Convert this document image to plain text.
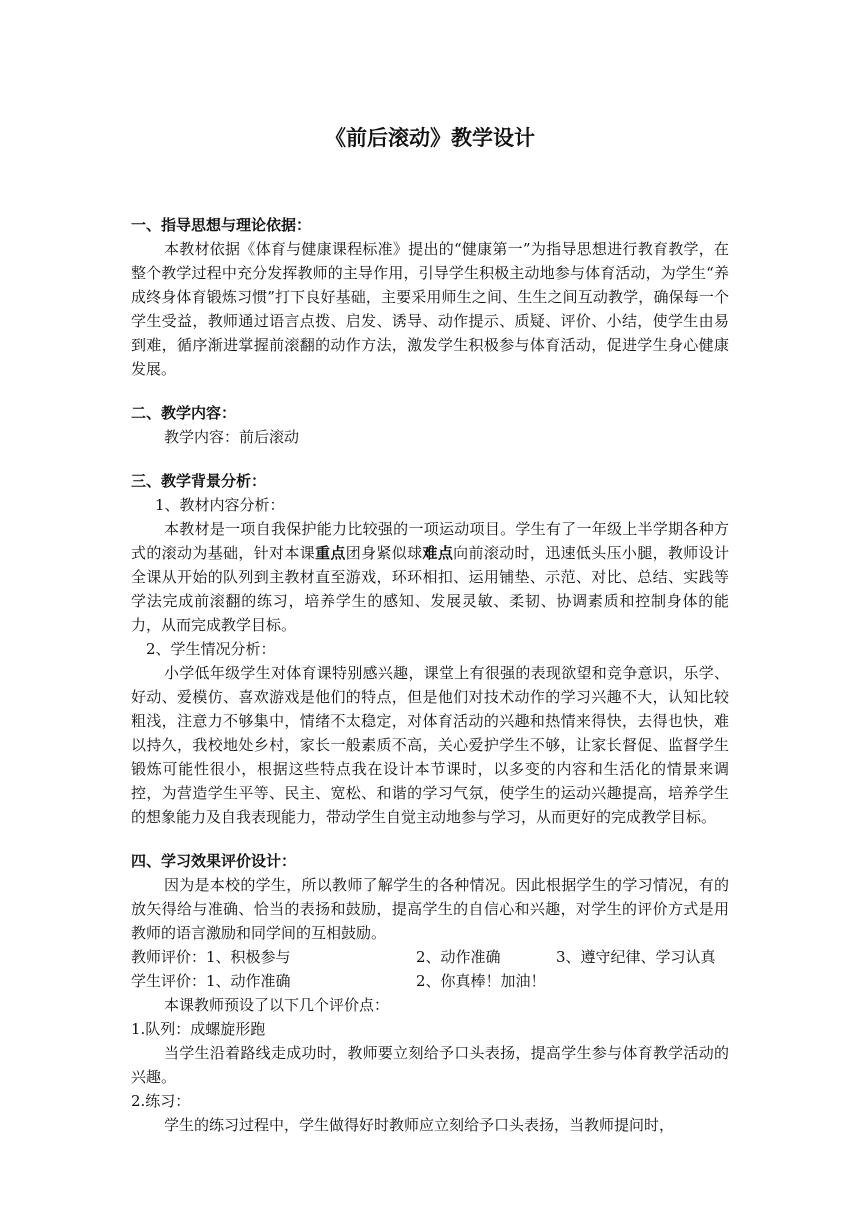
《前后滚动》教学设计

一、指导思想与理论依据：

本教材依据《体育与健康课程标准》提出的“健康第一”为指导思想进行教育教学，在整个教学过程中充分发挥教师的主导作用，引导学生积极主动地参与体育活动，为学生“养成终身体育锻炼习惯”打下良好基础，主要采用师生之间、生生之间互动教学，确保每一个学生受益，教师通过语言点拨、启发、诱导、动作提示、质疑、评价、小结，使学生由易到难，循序渐进掌握前滚翻的动作方法，激发学生积极参与体育活动，促进学生身心健康发展。

二、教学内容：

教学内容：前后滚动

三、教学背景分析：

1、教材内容分析：

本教材是一项自我保护能力比较强的一项运动项目。学生有了一年级上半学期各种方式的滚动为基础，针对本课重点团身紧似球难点向前滚动时，迅速低头压小腿，教师设计全课从开始的队列到主教材直至游戏，环环相扣、运用铺垫、示范、对比、总结、实践等学法完成前滚翻的练习，培养学生的感知、发展灵敏、柔韧、协调素质和控制身体的能力，从而完成教学目标。

2、学生情况分析：

小学低年级学生对体育课特别感兴趣，课堂上有很强的表现欲望和竞争意识，乐学、好动、爱模仿、喜欢游戏是他们的特点，但是他们对技术动作的学习兴趣不大，认知比较粗浅，注意力不够集中，情绪不太稳定，对体育活动的兴趣和热情来得快，去得也快，难以持久，我校地处乡村，家长一般素质不高，关心爱护学生不够，让家长督促、监督学生锻炼可能性很小，根据这些特点我在设计本节课时，以多变的内容和生活化的情景来调控，为营造学生平等、民主、宽松、和谐的学习气氛，使学生的运动兴趣提高，培养学生的想象能力及自我表现能力，带动学生自觉主动地参与学习，从而更好的完成教学目标。

四、学习效果评价设计：

因为是本校的学生，所以教师了解学生的各种情况。因此根据学生的学习情况，有的放矢得给与准确、恰当的表扬和鼓励，提高学生的自信心和兴趣，对学生的评价方式是用教师的语言激励和同学间的互相鼓励。

教师评价：1、积极参与	2、动作准确	3、遵守纪律、学习认真

学生评价：1、动作准确	2、你真棒！加油！

本课教师预设了以下几个评价点：

1.队列：成螺旋形跑

当学生沿着路线走成功时，教师要立刻给予口头表扬，提高学生参与体育教学活动的兴趣。

2.练习：

学生的练习过程中，学生做得好时教师应立刻给予口头表扬，当教师提问时，
